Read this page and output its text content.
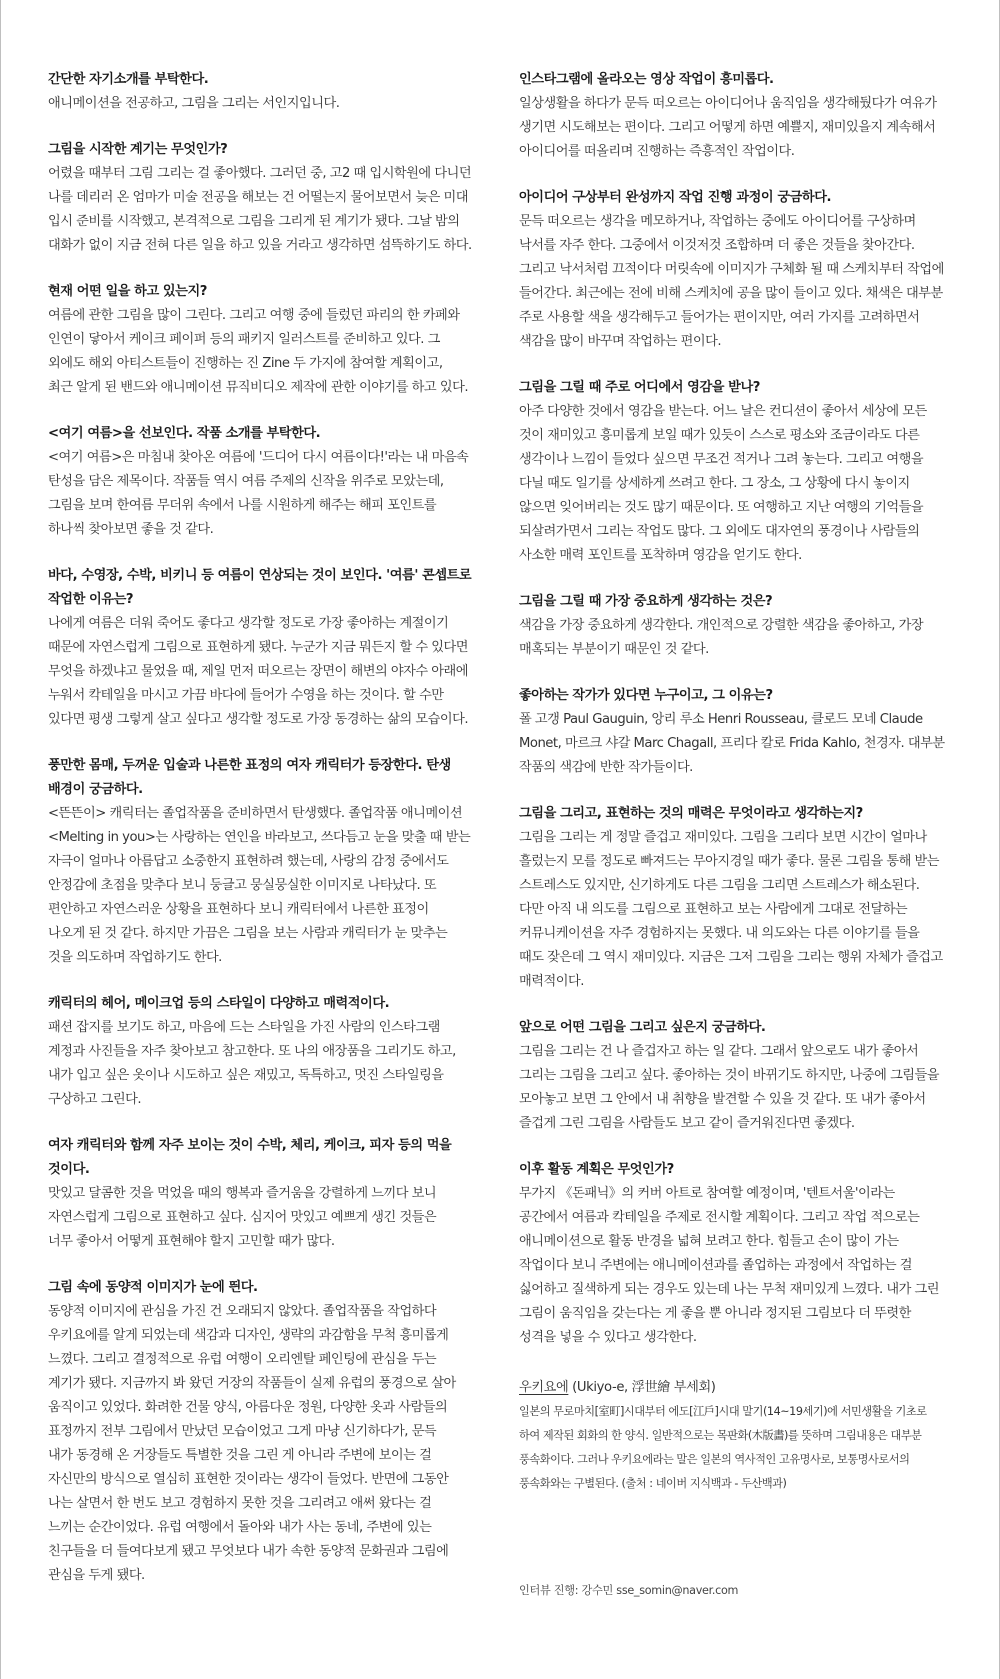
간단한 자기소개를 부탁한다.

애니메이션을 전공하고, 그림을 그리는 서인지입니다.

그림을 시작한 계기는 무엇인가?

어렸을 때부터 그림 그리는 걸 좋아했다. 그러던 중, 고2 때 입시학원에 다니던
나를 데리러 온 엄마가 미술 전공을 해보는 건 어떨는지 물어보면서 늦은 미대
입시 준비를 시작했고, 본격적으로 그림을 그리게 된 계기가 됐다. 그날 밤의
대화가 없이 지금 전혀 다른 일을 하고 있을 거라고 생각하면 섬뜩하기도 하다.

현재 어떤 일을 하고 있는지?

여름에 관한 그림을 많이 그린다. 그리고 여행 중에 들렀던 파리의 한 카페와
인연이 닿아서 케이크 페이퍼 등의 패키지 일러스트를 준비하고 있다. 그
외에도 해외 아티스트들이 진행하는 진 Zine 두 가지에 참여할 계획이고,
최근 알게 된 밴드와 애니메이션 뮤직비디오 제작에 관한 이야기를 하고 있다.

<여기 여름>을 선보인다. 작품 소개를 부탁한다.

<여기 여름>은 마침내 찾아온 여름에 '드디어 다시 여름이다!'라는 내 마음속
탄성을 담은 제목이다. 작품들 역시 여름 주제의 신작을 위주로 모았는데,
그림을 보며 한여름 무더위 속에서 나를 시원하게 해주는 해피 포인트를
하나씩 찾아보면 좋을 것 같다.

바다, 수영장, 수박, 비키니 등 여름이 연상되는 것이 보인다. '여름' 콘셉트로
작업한 이유는?

나에게 여름은 더워 죽어도 좋다고 생각할 정도로 가장 좋아하는 계절이기
때문에 자연스럽게 그림으로 표현하게 됐다. 누군가 지금 뭐든지 할 수 있다면
무엇을 하겠냐고 물었을 때, 제일 먼저 떠오르는 장면이 해변의 야자수 아래에
누워서 칵테일을 마시고 가끔 바다에 들어가 수영을 하는 것이다. 할 수만
있다면 평생 그렇게 살고 싶다고 생각할 정도로 가장 동경하는 삶의 모습이다.

풍만한 몸매, 두꺼운 입술과 나른한 표정의 여자 캐릭터가 등장한다. 탄생
배경이 궁금하다.

<뜬뜬이> 캐릭터는 졸업작품을 준비하면서 탄생했다. 졸업작품 애니메이션
<Melting in you>는 사랑하는 연인을 바라보고, 쓰다듬고 눈을 맞출 때 받는
자극이 얼마나 아름답고 소중한지 표현하려 했는데, 사랑의 감정 중에서도
안정감에 초점을 맞추다 보니 둥글고 뭉실뭉실한 이미지로 나타났다. 또
편안하고 자연스러운 상황을 표현하다 보니 캐릭터에서 나른한 표정이
나오게 된 것 같다. 하지만 가끔은 그림을 보는 사람과 캐릭터가 눈 맞추는
것을 의도하며 작업하기도 한다.

캐릭터의 헤어, 메이크업 등의 스타일이 다양하고 매력적이다.

패션 잡지를 보기도 하고, 마음에 드는 스타일을 가진 사람의 인스타그램
계정과 사진들을 자주 찾아보고 참고한다. 또 나의 애장품을 그리기도 하고,
내가 입고 싶은 옷이나 시도하고 싶은 재밌고, 독특하고, 멋진 스타일링을
구상하고 그린다.

여자 캐릭터와 함께 자주 보이는 것이 수박, 체리, 케이크, 피자 등의 먹을
것이다.

맛있고 달콤한 것을 먹었을 때의 행복과 즐거움을 강렬하게 느끼다 보니
자연스럽게 그림으로 표현하고 싶다. 심지어 맛있고 예쁘게 생긴 것들은
너무 좋아서 어떻게 표현해야 할지 고민할 때가 많다.

그림 속에 동양적 이미지가 눈에 띈다.

동양적 이미지에 관심을 가진 건 오래되지 않았다. 졸업작품을 작업하다
우키요에를 알게 되었는데 색감과 디자인, 생략의 과감함을 무척 흥미롭게
느꼈다. 그리고 결정적으로 유럽 여행이 오리엔탈 페인팅에 관심을 두는
계기가 됐다. 지금까지 봐 왔던 거장의 작품들이 실제 유럽의 풍경으로 살아
움직이고 있었다. 화려한 건물 양식, 아름다운 정원, 다양한 옷과 사람들의
표정까지 전부 그림에서 만났던 모습이었고 그게 마냥 신기하다가, 문득
내가 동경해 온 거장들도 특별한 것을 그린 게 아니라 주변에 보이는 걸
자신만의 방식으로 열심히 표현한 것이라는 생각이 들었다. 반면에 그동안
나는 살면서 한 번도 보고 경험하지 못한 것을 그리려고 애써 왔다는 걸
느끼는 순간이었다. 유럽 여행에서 돌아와 내가 사는 동네, 주변에 있는
친구들을 더 들여다보게 됐고 무엇보다 내가 속한 동양적 문화권과 그림에
관심을 두게 됐다.

인스타그램에 올라오는 영상 작업이 흥미롭다.

일상생활을 하다가 문득 떠오르는 아이디어나 움직임을 생각해뒀다가 여유가
생기면 시도해보는 편이다. 그리고 어떻게 하면 예쁠지, 재미있을지 계속해서
아이디어를 떠올리며 진행하는 즉흥적인 작업이다.

아이디어 구상부터 완성까지 작업 진행 과정이 궁금하다.

문득 떠오르는 생각을 메모하거나, 작업하는 중에도 아이디어를 구상하며
낙서를 자주 한다. 그중에서 이것저것 조합하며 더 좋은 것들을 찾아간다.
그리고 낙서처럼 끄적이다 머릿속에 이미지가 구체화 될 때 스케치부터 작업에
들어간다. 최근에는 전에 비해 스케치에 공을 많이 들이고 있다. 채색은 대부분
주로 사용할 색을 생각해두고 들어가는 편이지만, 여러 가지를 고려하면서
색감을 많이 바꾸며 작업하는 편이다.

그림을 그릴 때 주로 어디에서 영감을 받나?

아주 다양한 것에서 영감을 받는다. 어느 날은 컨디션이 좋아서 세상에 모든
것이 재미있고 흥미롭게 보일 때가 있듯이 스스로 평소와 조금이라도 다른
생각이나 느낌이 들었다 싶으면 무조건 적거나 그려 놓는다. 그리고 여행을
다닐 때도 일기를 상세하게 쓰려고 한다. 그 장소, 그 상황에 다시 놓이지
않으면 잊어버리는 것도 많기 때문이다. 또 여행하고 지난 여행의 기억들을
되살려가면서 그리는 작업도 많다. 그 외에도 대자연의 풍경이나 사람들의
사소한 매력 포인트를 포착하며 영감을 얻기도 한다.

그림을 그릴 때 가장 중요하게 생각하는 것은?

색감을 가장 중요하게 생각한다. 개인적으로 강렬한 색감을 좋아하고, 가장
매혹되는 부분이기 때문인 것 같다.

좋아하는 작가가 있다면 누구이고, 그 이유는?

폴 고갱 Paul Gauguin, 앙리 루소 Henri Rousseau, 클로드 모네 Claude
Monet, 마르크 샤갈 Marc Chagall, 프리다 칼로 Frida Kahlo, 천경자. 대부분
작품의 색감에 반한 작가들이다.

그림을 그리고, 표현하는 것의 매력은 무엇이라고 생각하는지?

그림을 그리는 게 정말 즐겁고 재미있다. 그림을 그리다 보면 시간이 얼마나
흘렀는지 모를 정도로 빠져드는 무아지경일 때가 좋다. 물론 그림을 통해 받는
스트레스도 있지만, 신기하게도 다른 그림을 그리면 스트레스가 해소된다.
다만 아직 내 의도를 그림으로 표현하고 보는 사람에게 그대로 전달하는
커뮤니케이션을 자주 경험하지는 못했다. 내 의도와는 다른 이야기를 들을
때도 잦은데 그 역시 재미있다. 지금은 그저 그림을 그리는 행위 자체가 즐겁고
매력적이다.

앞으로 어떤 그림을 그리고 싶은지 궁금하다.

그림을 그리는 건 나 즐겁자고 하는 일 같다. 그래서 앞으로도 내가 좋아서
그리는 그림을 그리고 싶다. 좋아하는 것이 바뀌기도 하지만, 나중에 그림들을
모아놓고 보면 그 안에서 내 취향을 발견할 수 있을 것 같다. 또 내가 좋아서
즐겁게 그린 그림을 사람들도 보고 같이 즐거워진다면 좋겠다.

이후 활동 계획은 무엇인가?

무가지 《돈패닉》의 커버 아트로 참여할 예정이며, '텐트서울'이라는
공간에서 여름과 칵테일을 주제로 전시할 계획이다. 그리고 작업 적으로는
애니메이션으로 활동 반경을 넓혀 보려고 한다. 힘들고 손이 많이 가는
작업이다 보니 주변에는 애니메이션과를 졸업하는 과정에서 작업하는 걸
싫어하고 질색하게 되는 경우도 있는데 나는 무척 재미있게 느꼈다. 내가 그린
그림이 움직임을 갖는다는 게 좋을 뿐 아니라 정지된 그림보다 더 뚜렷한
성격을 넣을 수 있다고 생각한다.

우키요에 (Ukiyo-e, 浮世繪 부세회)

일본의 무로마치[室町]시대부터 에도[江戶]시대 말기(14~19세기)에 서민생활을 기초로
하여 제작된 회화의 한 양식. 일반적으로는 목판화(木版畵)를 뜻하며 그림내용은 대부분
풍속화이다. 그러나 우키요에라는 말은 일본의 역사적인 고유명사로, 보통명사로서의
풍속화와는 구별된다. (출처 : 네이버 지식백과 - 두산백과)

인터뷰 진행: 강수민 sse_somin@naver.com
